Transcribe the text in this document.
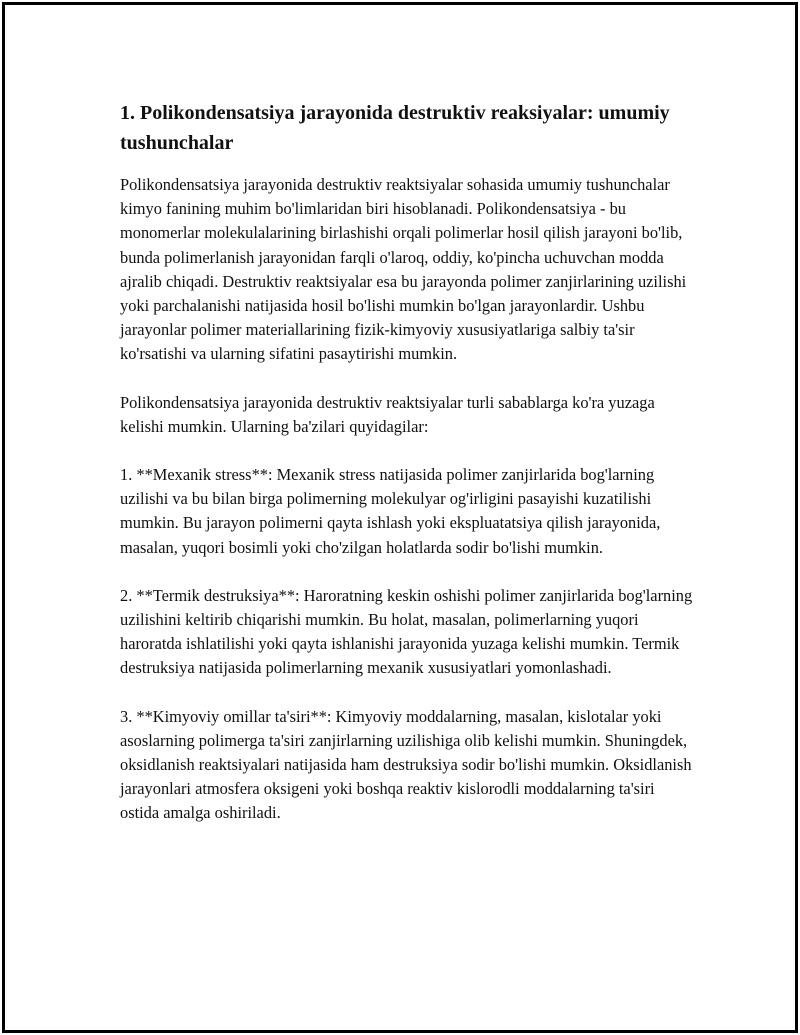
1. Polikondensatsiya jarayonida destruktiv reaksiyalar: umumiy tushunchalar

Polikondensatsiya jarayonida destruktiv reaktsiyalar sohasida umumiy tushunchalar kimyo fanining muhim bo'limlaridan biri hisoblanadi. Polikondensatsiya - bu monomerlar molekulalarining birlashishi orqali polimerlar hosil qilish jarayoni bo'lib, bunda polimerlanish jarayonidan farqli o'laroq, oddiy, ko'pincha uchuvchan modda ajralib chiqadi. Destruktiv reaktsiyalar esa bu jarayonda polimer zanjirlarining uzilishi yoki parchalanishi natijasida hosil bo'lishi mumkin bo'lgan jarayonlardir. Ushbu jarayonlar polimer materiallarining fizik-kimyoviy xususiyatlariga salbiy ta'sir ko'rsatishi va ularning sifatini pasaytirishi mumkin.

Polikondensatsiya jarayonida destruktiv reaktsiyalar turli sabablarga ko'ra yuzaga kelishi mumkin. Ularning ba'zilari quyidagilar:

1. **Mexanik stress**: Mexanik stress natijasida polimer zanjirlarida bog'larning uzilishi va bu bilan birga polimerning molekulyar og'irligini pasayishi kuzatilishi mumkin. Bu jarayon polimerni qayta ishlash yoki ekspluatatsiya qilish jarayonida, masalan, yuqori bosimli yoki cho'zilgan holatlarda sodir bo'lishi mumkin.

2. **Termik destruksiya**: Haroratning keskin oshishi polimer zanjirlarida bog'larning uzilishini keltirib chiqarishi mumkin. Bu holat, masalan, polimerlarning yuqori haroratda ishlatilishi yoki qayta ishlanishi jarayonida yuzaga kelishi mumkin. Termik destruksiya natijasida polimerlarning mexanik xususiyatlari yomonlashadi.

3. **Kimyoviy omillar ta'siri**: Kimyoviy moddalarning, masalan, kislotalar yoki asoslarning polimerga ta'siri zanjirlarning uzilishiga olib kelishi mumkin. Shuningdek, oksidlanish reaktsiyalari natijasida ham destruksiya sodir bo'lishi mumkin. Oksidlanish jarayonlari atmosfera oksigeni yoki boshqa reaktiv kislorodli moddalarning ta'siri ostida amalga oshiriladi.
